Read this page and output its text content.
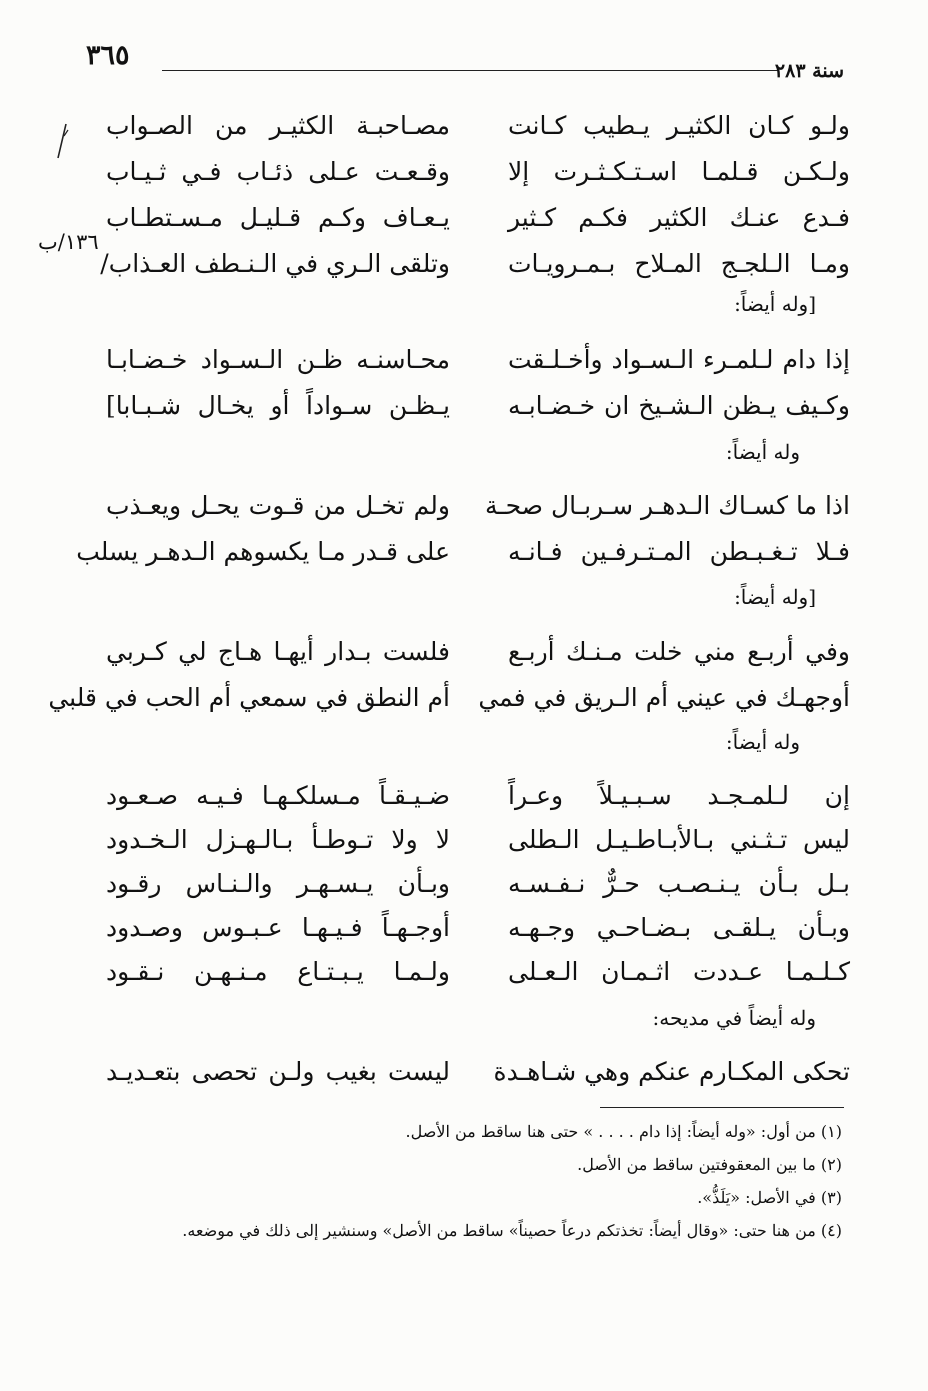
٣٦٥	سنة ٢٨٣
١٣٦/ب
ولـو كـان الكثيـر يـطيب كـانت
مصـاحبـة الكثيـر من الصـواب
ولـكـن قـلمـا اسـتـكـثـرت إلا
وقـعـت عـلى ذئـاب فـي ثـيـاب
فـدع عنـك الكثير فكـم كـثير
يـعـاف وكـم قـليـل مـسـتطـاب
ومـا الـلجـج المـلاح بـمـرويـات
وتلقى الـري في الـنـطف العـذاب/
[وله أيضاً:
إذا دام لـلمـرء الـسـواد وأخـلـقت
محـاسنـه ظـن الـسـواد خـضـابـا
وكـيف يـظن الـشـيخ ان خـضـابـه
يـظـن سـواداً أو يخـال شـبـابا]
وله أيضاً:
اذا ما كسـاك الـدهـر سـربـال صحـة
ولم تخـل من قـوت يحـل ويعـذب
فـلا تـغـبـطن المـتـرفـين فـانـه
على قـدر مـا يكسوهم الـدهـر يسلب
[وله أيضاً:
وفي أربـع مني خلت مـنـك أربـع
فلست بـدار أيهـا هـاج لي كـربي
أوجهـك في عيني أم الـريق في فمي
أم النطق في سمعي أم الحب في قلبي
وله أيضاً:
إن لـلمـجـد سـبـيـلاً وعـراً
ضـيـقـاً مـسلكـهـا فـيـه صـعـود
ليس تـثـني بـالأبـاطـيـل الـطلى
لا ولا تـوطـأ بـالـهـزل الـخـدود
بـل بـأن يـنـصـب حـرٌّ نـفـسـه
وبـأن يـسـهـر والـنـاس رقـود
وبـأن يـلقـى بـضـاحـي وجـهـه
أوجـهـاً فـيـهـا عـبـوس وصـدود
كـلـمـا عـددت اثـمـان الـعـلى
ولـمـا يـبـتـاع مـنـهـن نـقـود
وله أيضاً في مديحه:
تحكى المكـارم عنكم وهي شـاهـدة
ليست بغيب ولـن تحصى بتعـديـد
(١) من أول: «وله أيضاً: إذا دام . . . . » حتى هنا ساقط من الأصل.
(٢) ما بين المعقوفتين ساقط من الأصل.
(٣) في الأصل: «يَلَذُّ».
(٤) من هنا حتى: «وقال أيضاً: تخذتكم درعاً حصيناً» ساقط من الأصل» وسنشير إلى ذلك في موضعه.
